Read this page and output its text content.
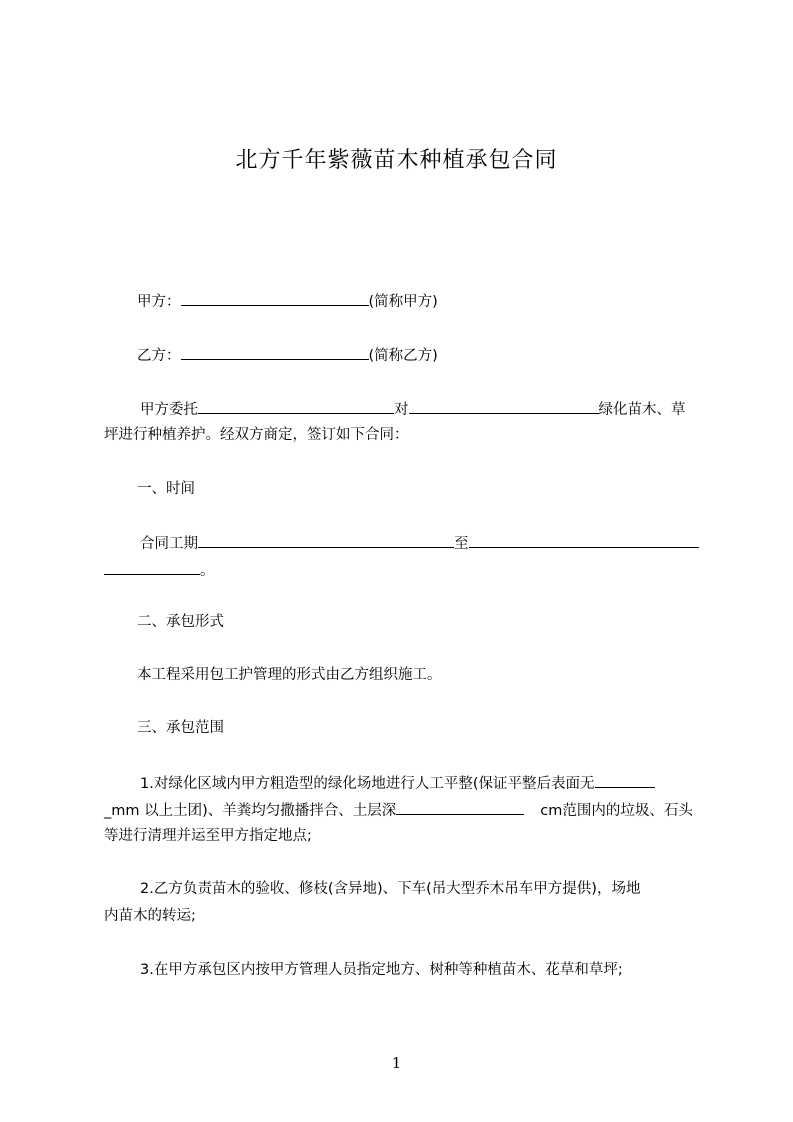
北方千年紫薇苗木种植承包合同
甲方：	(简称甲方)
乙方：	(简称乙方)
甲方委托	对	绿化苗木、草
坪进行种植养护。经双方商定，签订如下合同：
一、时间
合同工期	至
。
二、承包形式
本工程采用包工护管理的形式由乙方组织施工。
三、承包范围
1.对绿化区域内甲方粗造型的绿化场地进行人工平整(保证平整后表面无
_mm 以上土团)、羊粪均匀撒播拌合、土层深	cm范围内的垃圾、石头
等进行清理并运至甲方指定地点;
2.乙方负责苗木的验收、修枝(含异地)、下车(吊大型乔木吊车甲方提供)，场地
内苗木的转运;
3.在甲方承包区内按甲方管理人员指定地方、树种等种植苗木、花草和草坪;
1
